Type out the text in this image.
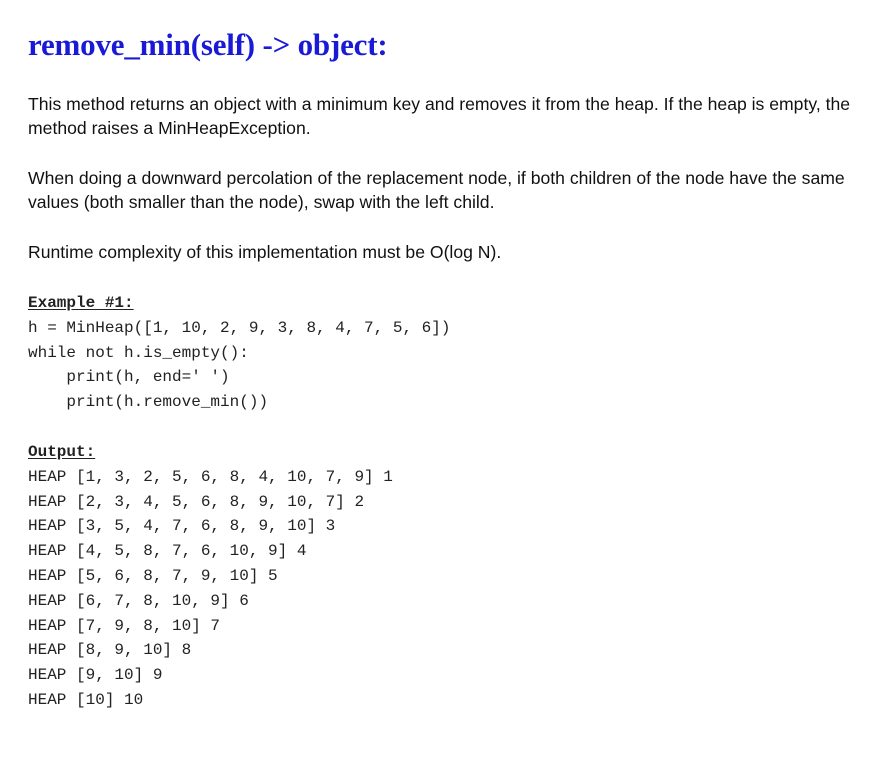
remove_min(self) -> object:

This method returns an object with a minimum key and removes it from the heap. If the heap is empty, the method raises a MinHeapException.

When doing a downward percolation of the replacement node, if both children of the node have the same values (both smaller than the node), swap with the left child.

Runtime complexity of this implementation must be O(log N).

Example #1:
h = MinHeap([1, 10, 2, 9, 3, 8, 4, 7, 5, 6])
while not h.is_empty():
print(h, end=' ')
print(h.remove_min())
Output:
HEAP [1, 3, 2, 5, 6, 8, 4, 10, 7, 9] 1
HEAP [2, 3, 4, 5, 6, 8, 9, 10, 7] 2
HEAP [3, 5, 4, 7, 6, 8, 9, 10] 3
HEAP [4, 5, 8, 7, 6, 10, 9] 4
HEAP [5, 6, 8, 7, 9, 10] 5
HEAP [6, 7, 8, 10, 9] 6
HEAP [7, 9, 8, 10] 7
HEAP [8, 9, 10] 8
HEAP [9, 10] 9
HEAP [10] 10
